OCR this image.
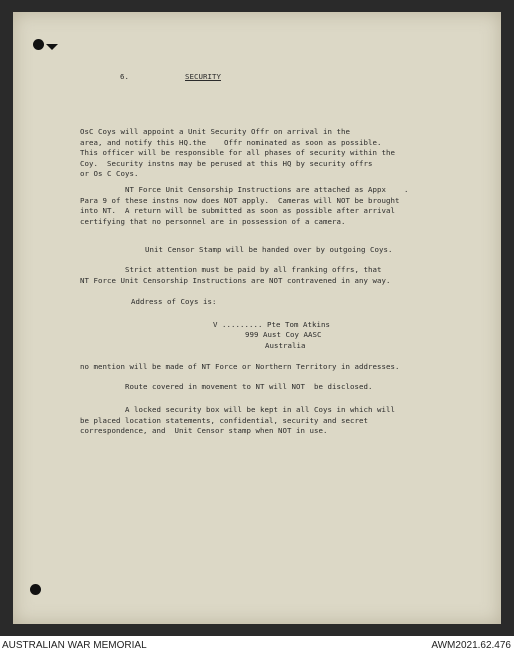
6.	SECURITY

OsC Coys will appoint a Unit Security Offr on arrival in the
area, and notify this HQ.the    Offr nominated as soon as possible.
This officer will be responsible for all phases of security within the
Coy.  Security instns may be perused at this HQ by security offrs
or Os C Coys.

NT Force Unit Censorship Instructions are attached as Appx    .
Para 9 of these instns now does NOT apply.  Cameras will NOT be brought
into NT.  A return will be submitted as soon as possible after arrival
certifying that no personnel are in possession of a camera.

Unit Censor Stamp will be handed over by outgoing Coys.

Strict attention must be paid by all franking offrs, that
NT Force Unit Censorship Instructions are NOT contravened in any way.

Address of Coys is:

V ......... Pte Tom Atkins

999 Aust Coy AASC

Australia

no mention will be made of NT Force or Northern Territory in addresses.

Route covered in movement to NT will NOT  be disclosed.

A locked security box will be kept in all Coys in which will
be placed location statements, confidential, security and secret
correspondence, and  Unit Censor stamp when NOT in use.

AUSTRALIAN WAR MEMORIAL	AWM2021.62.476
